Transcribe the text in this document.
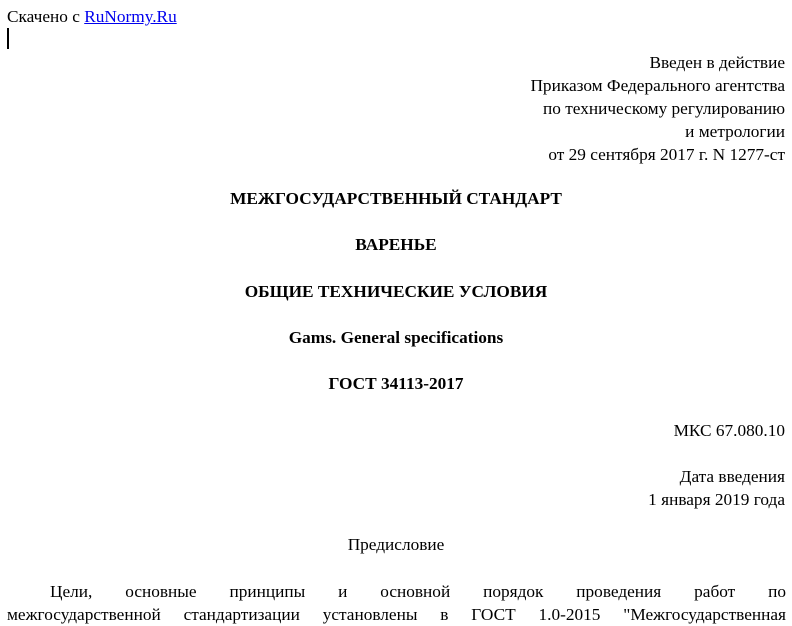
Скачено с RuNormy.Ru
Введен в действие
Приказом Федерального агентства
по техническому регулированию
и метрологии
от 29 сентября 2017 г. N 1277-ст
МЕЖГОСУДАРСТВЕННЫЙ СТАНДАРТ
ВАРЕНЬЕ
ОБЩИЕ ТЕХНИЧЕСКИЕ УСЛОВИЯ
Gams. General specifications
ГОСТ 34113-2017
МКС 67.080.10
Дата введения
1 января 2019 года
Предисловие
Цели, основные принципы и основной порядок проведения работ по
межгосударственной стандартизации установлены в ГОСТ 1.0-2015 "Межгосударственная
